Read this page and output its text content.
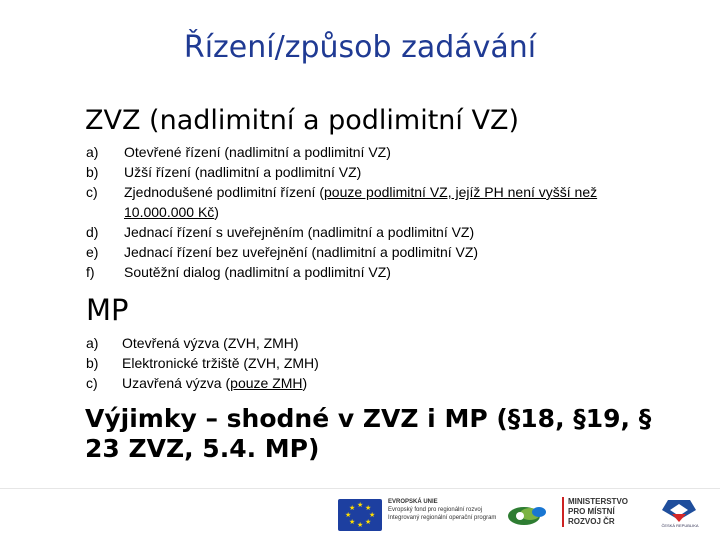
Řízení/způsob zadávání
ZVZ (nadlimitní a podlimitní VZ)
a)	Otevřené řízení (nadlimitní a podlimitní VZ)
b)	Užší řízení (nadlimitní a podlimitní VZ)
c)	Zjednodušené podlimitní řízení (pouze podlimitní VZ, jejíž PH není vyšší než 10.000.000 Kč)
d)	Jednací řízení s uveřejněním (nadlimitní a podlimitní VZ)
e)	Jednací řízení bez uveřejnění (nadlimitní a podlimitní VZ)
f)	Soutěžní dialog (nadlimitní a podlimitní VZ)
MP
a)	Otevřená výzva (ZVH, ZMH)
b)	Elektronické tržiště (ZVH, ZMH)
c)	Uzavřená výzva (pouze ZMH)
Výjimky – shodné v ZVZ i MP (§18, §19, § 23 ZVZ, 5.4. MP)
★ ★
★
★
★
★
★
★
EVROPSKÁ UNIE
Evropský fond pro regionální rozvoj
Integrovaný regionální operační program
MINISTERSTVO
PRO MÍSTNÍ
ROZVOJ ČR	ČESKÁ REPUBLIKA
